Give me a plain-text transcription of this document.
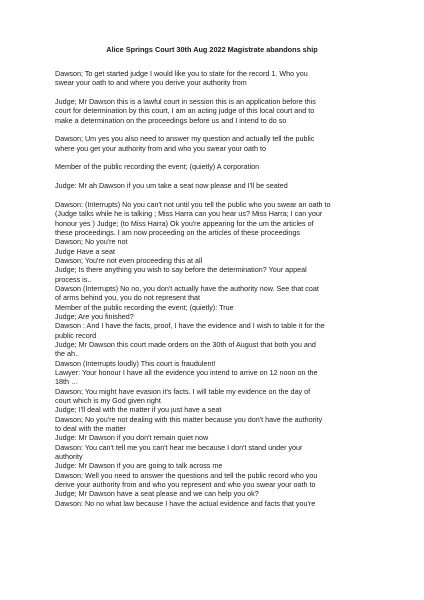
Alice Springs Court 30th Aug 2022 Magistrate abandons ship
Dawson; To get started judge I would like you to state for the record 1. Who you
swear your oath to and where you derive your authority from
Judge; Mr Dawson this is a lawful court in session this is an application before this
court for determination by this court, I am an acting judge of this local court and to
make a determination on the proceedings before us and I intend to do so
Dawson; Um yes you also need to answer my question and actually tell the public
where you get your authority from and who you swear your oath to
Member of the public recording the event; (quietly) A corporation
Judge: Mr ah Dawson if you um take a seat now please and I'll be seated
Dawson: (Interrupts) No you can't not until you tell the public who you swear an oath to
(Judge talks while he is talking ; Miss Harra can you hear us? Miss Harra; I can your
honour yes ) Judge; (to Miss Harra) Ok you're appearing for the um the articles of
these proceedings. I am now proceeding on the articles of these proceedings
Dawson; No you're not
Judge Have a seat
Dawson; You're not even proceeding this at all
Judge; Is there anything you wish to say before the determination? Your appeal
process is..
Dawson (Interrupts) No no, you don't actually have the authority now. See that coat
of arms behind you, you do not represent that
Member of the public recording the event; (quietly): True
Judge; Are you finished?
Dawson : And I have the facts, proof, I have the evidence and I wish to table it for the
public record
Judge; Mr Dawson this court made orders on the 30th of August that both you and
the ah..
Dawson (Interrupts loudly) This court is fraudulent!
Lawyer: Your honour I have all the evidence you intend to arrive on 12 noon on the
18th …
Dawson; You might have evasion it's facts. I will table my evidence on the day of
court which is my God given right
Judge; I'll deal with the matter if you just have a seat
Dawson; No you're not dealing with this matter because you don't have the authority
to deal with the matter
Judge: Mr Dawson if you don't remain quiet now
Dawson: You can't tell me you can't hear me because I don't stand under your
authority
Judge: Mr Dawson if you are going to talk across me
Dawson: Well you need to answer the questions and tell the public record who you
derive your authority from and who you represent and who you swear your oath to
Judge; Mr Dawson have a seat please and we can help you ok?
Dawson: No no what law because I have the actual evidence and facts that you're
